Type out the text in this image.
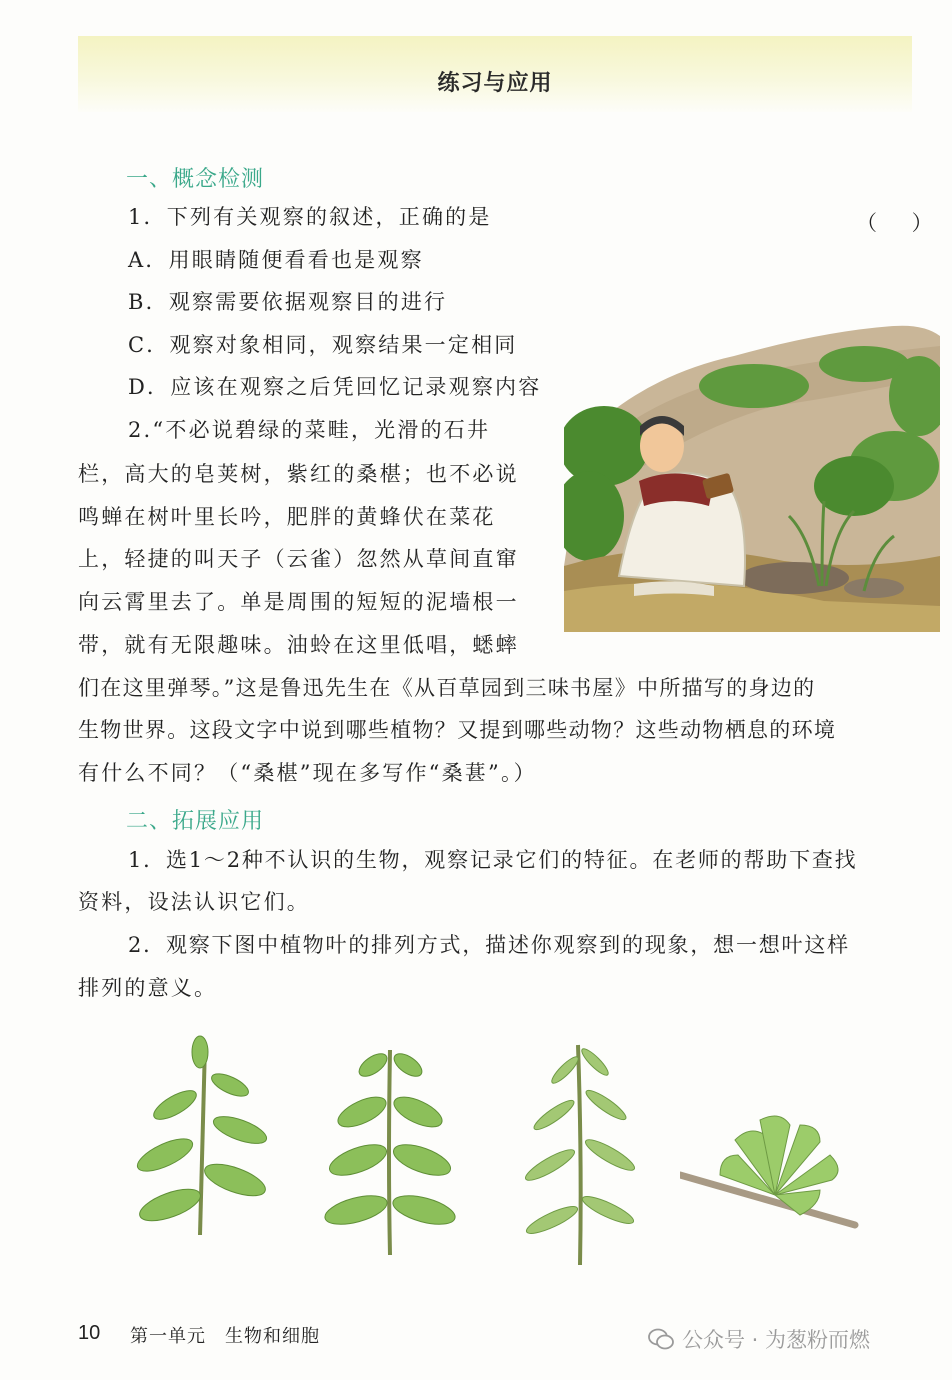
练习与应用
一、概念检测
1．下列有关观察的叙述，正确的是	（ ）
A．用眼睛随便看看也是观察
B．观察需要依据观察目的进行
C．观察对象相同，观察结果一定相同
D．应该在观察之后凭回忆记录观察内容
2.“不必说碧绿的菜畦，光滑的石井
栏，高大的皂荚树，紫红的桑椹；也不必说
鸣蝉在树叶里长吟，肥胖的黄蜂伏在菜花
上，轻捷的叫天子（云雀）忽然从草间直窜
向云霄里去了。单是周围的短短的泥墙根一
带，就有无限趣味。油蛉在这里低唱，蟋蟀
们在这里弹琴。”这是鲁迅先生在《从百草园到三味书屋》中所描写的身边的
生物世界。这段文字中说到哪些植物？又提到哪些动物？这些动物栖息的环境
有什么不同？（“桑椹”现在多写作“桑葚”。）
二、拓展应用
1．选1～2种不认识的生物，观察记录它们的特征。在老师的帮助下查找
资料，设法认识它们。
2．观察下图中植物叶的排列方式，描述你观察到的现象，想一想叶这样
排列的意义。
10 第一单元　生物和细胞	公众号 · 为葱粉而燃
